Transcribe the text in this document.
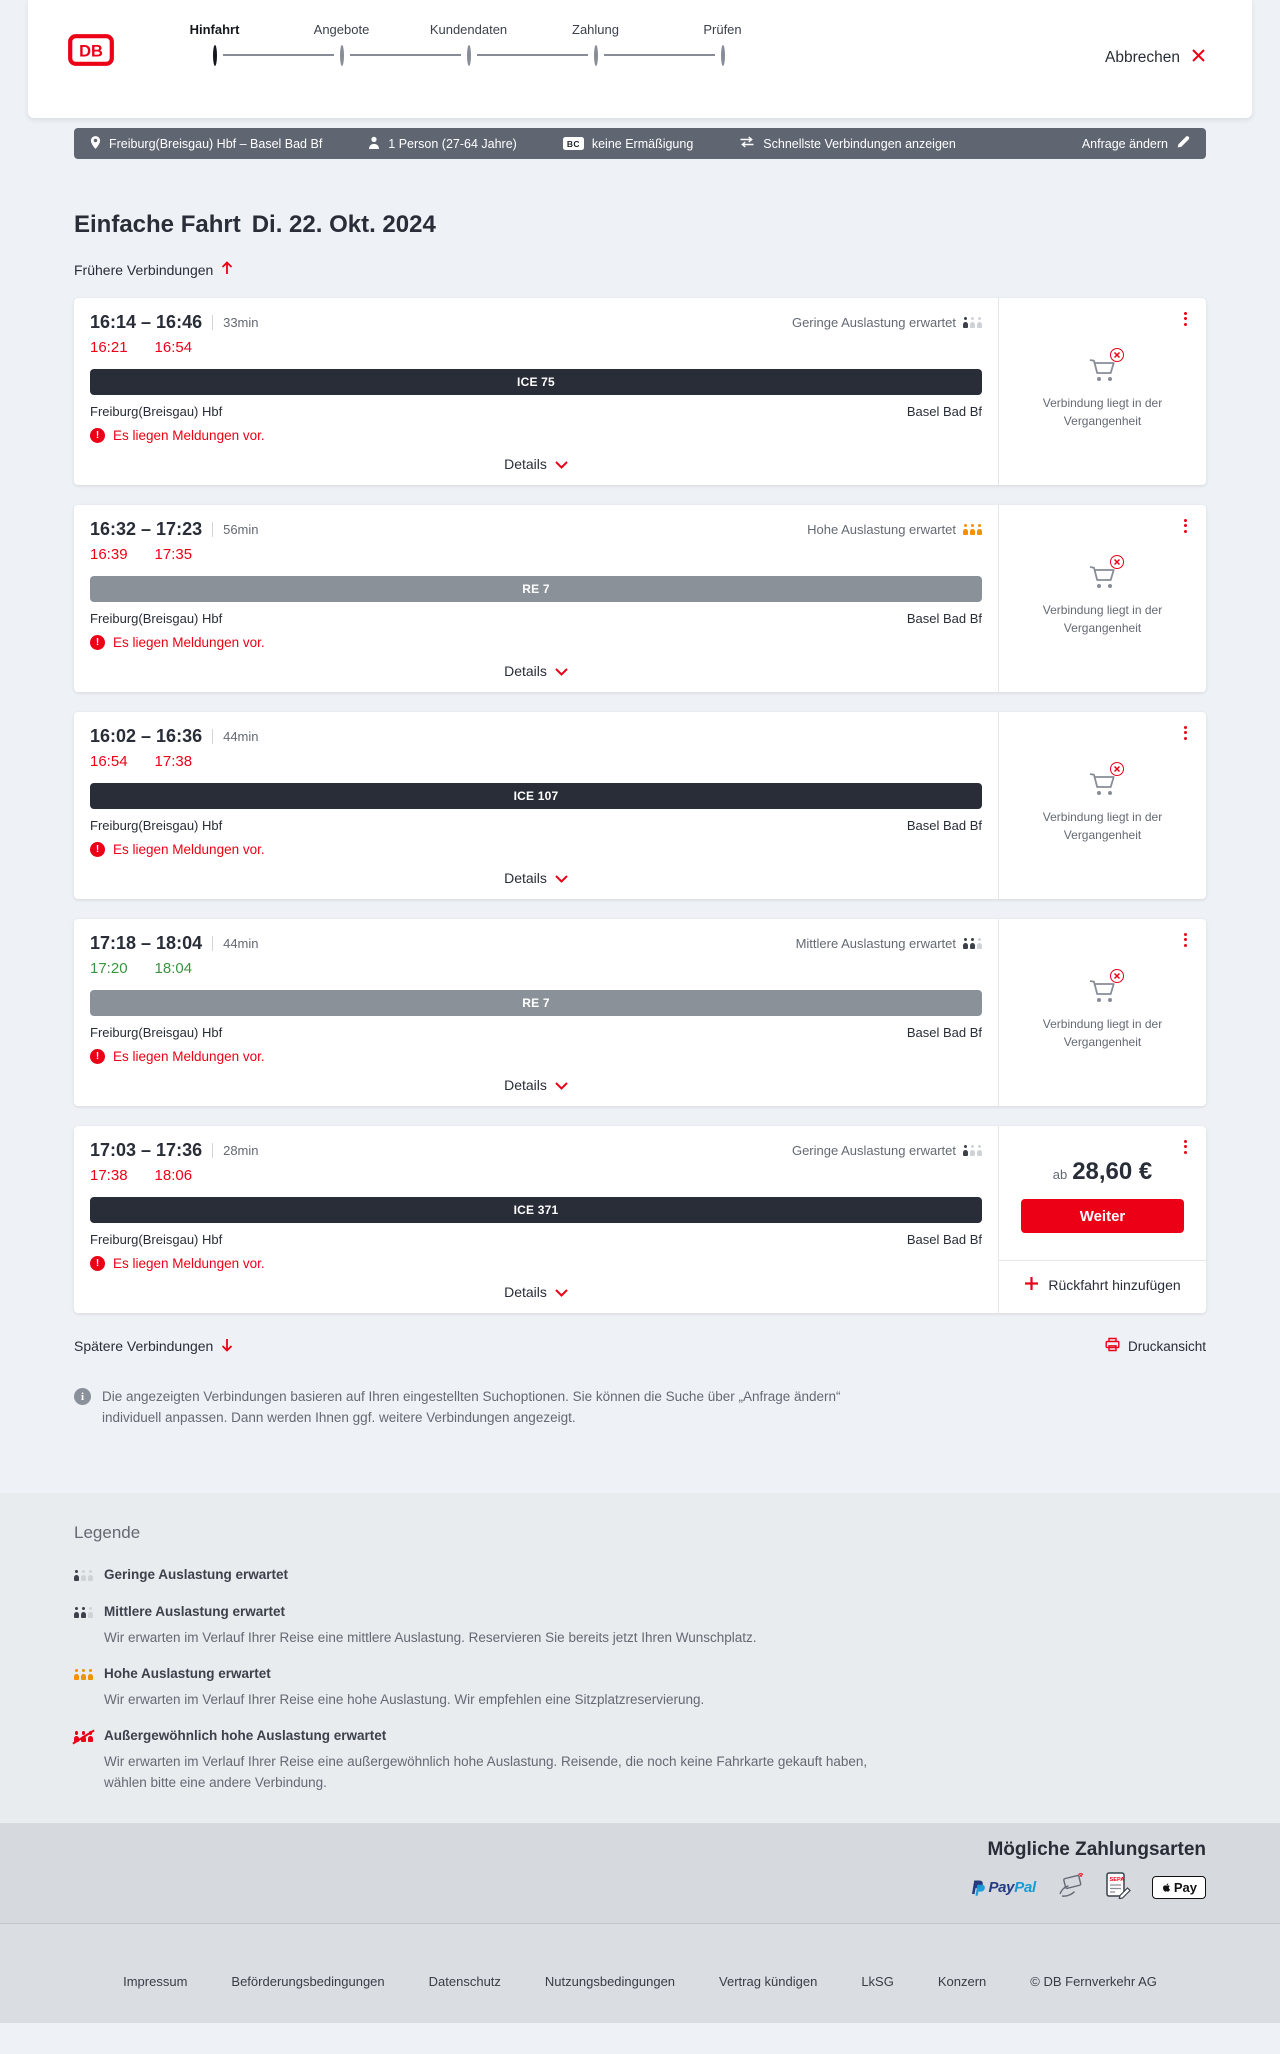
DB
Hinfahrt	Angebote	Kundendaten	Zahlung	Prüfen
Abbrechen
Freiburg(Breisgau) Hbf – Basel Bad Bf	1 Person (27-64 Jahre)	BC keine Ermäßigung	Schnellste Verbindungen anzeigen	Anfrage ändern
Einfache Fahrt Di. 22. Okt. 2024
Frühere Verbindungen
16:14 – 16:46 33min	Geringe Auslastung erwartet
16:21 16:54
ICE 75
Freiburg(Breisgau) Hbf	Basel Bad Bf
!	Es liegen Meldungen vor.
Details
Verbindung liegt in der Vergangenheit
16:32 – 17:23 56min	Hohe Auslastung erwartet
16:39 17:35
RE 7
Freiburg(Breisgau) Hbf	Basel Bad Bf
!	Es liegen Meldungen vor.
Details
Verbindung liegt in der Vergangenheit
16:02 – 16:36 44min
16:54 17:38
ICE 107
Freiburg(Breisgau) Hbf	Basel Bad Bf
!	Es liegen Meldungen vor.
Details
Verbindung liegt in der Vergangenheit
17:18 – 18:04 44min	Mittlere Auslastung erwartet
17:20 18:04
RE 7
Freiburg(Breisgau) Hbf	Basel Bad Bf
!	Es liegen Meldungen vor.
Details
Verbindung liegt in der Vergangenheit
17:03 – 17:36 28min	Geringe Auslastung erwartet
17:38 18:06
ICE 371
Freiburg(Breisgau) Hbf	Basel Bad Bf
!	Es liegen Meldungen vor.
Details
ab 28,60 €
Weiter
Rückfahrt hinzufügen
Spätere Verbindungen	Druckansicht
i	Die angezeigten Verbindungen basieren auf Ihren eingestellten Suchoptionen. Sie können die Suche über „Anfrage ändern“ individuell anpassen. Dann werden Ihnen ggf. weitere Verbindungen angezeigt.

Legende
Geringe Auslastung erwartet
Mittlere Auslastung erwartet
Wir erwarten im Verlauf Ihrer Reise eine mittlere Auslastung. Reservieren Sie bereits jetzt Ihren Wunschplatz.
Hohe Auslastung erwartet
Wir erwarten im Verlauf Ihrer Reise eine hohe Auslastung. Wir empfehlen eine Sitzplatzreservierung.
Außergewöhnlich hohe Auslastung erwartet
Wir erwarten im Verlauf Ihrer Reise eine außergewöhnlich hohe Auslastung. Reisende, die noch keine Fahrkarte gekauft haben, wählen bitte eine andere Verbindung.
Mögliche Zahlungsarten
Pay Pal	SEPA
Pay
Impressum	Beförderungsbedingungen	Datenschutz	Nutzungsbedingungen	Vertrag kündigen	LkSG	Konzern	© DB Fernverkehr AG
